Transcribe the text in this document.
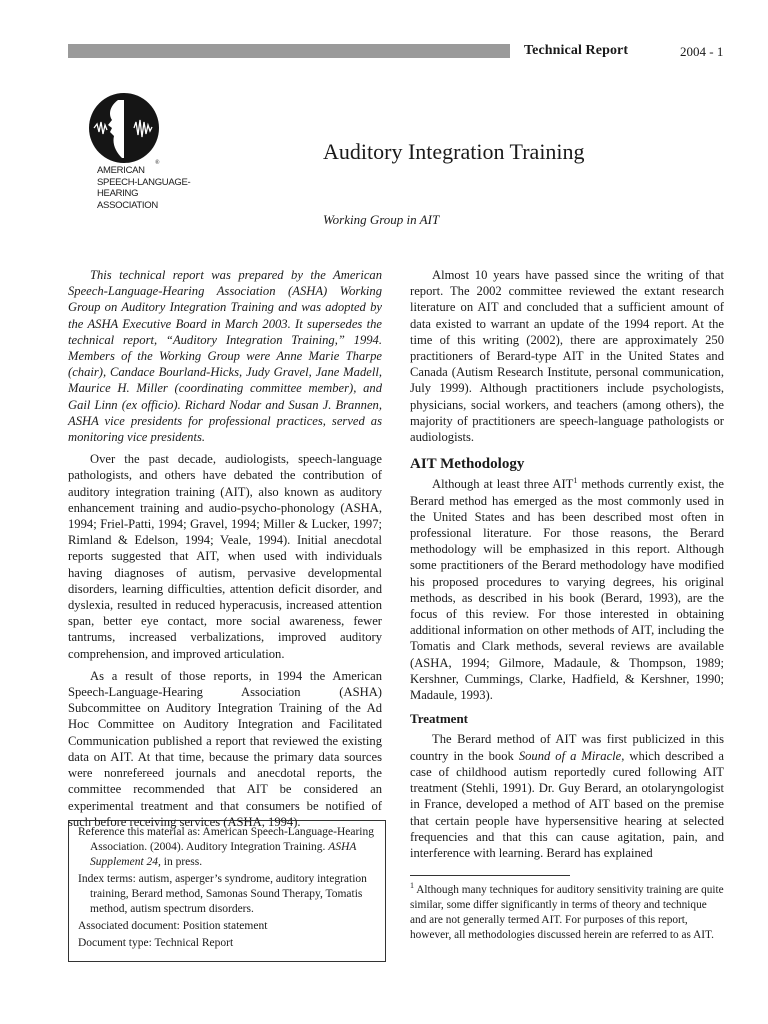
Technical Report	2004 - 1
®
AMERICAN
SPEECH-LANGUAGE-
HEARING
ASSOCIATION
Auditory Integration Training
Working Group in AIT

This technical report was prepared by the American Speech-Language-Hearing Association (ASHA) Working Group on Auditory Integration Training and was adopted by the ASHA Executive Board in March 2003. It supersedes the technical report, “Auditory Integration Training,” 1994. Members of the Working Group were Anne Marie Tharpe (chair), Candace Bourland-Hicks, Judy Gravel, Jane Madell, Maurice H. Miller (coordinating committee member), and Gail Linn (ex officio). Richard Nodar and Susan J. Brannen, ASHA vice presidents for professional practices, served as monitoring vice presidents.

Over the past decade, audiologists, speech-language pathologists, and others have debated the contribution of auditory integration training (AIT), also known as auditory enhancement training and audio-psycho-phonology (ASHA, 1994; Friel-Patti, 1994; Gravel, 1994; Miller & Lucker, 1997; Rimland & Edelson, 1994; Veale, 1994). Initial anecdotal reports suggested that AIT, when used with individuals having diagnoses of autism, pervasive developmental disorders, learning difficulties, attention deficit disorder, and dyslexia, resulted in reduced hyperacusis, increased attention span, better eye contact, more social awareness, fewer tantrums, increased verbalizations, improved auditory comprehension, and improved articulation.

As a result of those reports, in 1994 the American Speech-Language-Hearing Association (ASHA) Subcommittee on Auditory Integration Training of the Ad Hoc Committee on Auditory Integration and Facilitated Communication published a report that reviewed the existing data on AIT. At that time, because the primary data sources were nonrefereed journals and anecdotal reports, the committee recommended that AIT be considered an experimental treatment and that consumers be notified of such before receiving services (ASHA, 1994).

Reference this material as: American Speech-Language-Hearing Association. (2004). Auditory Integration Training. ASHA Supplement 24, in press.

Index terms: autism, asperger’s syndrome, auditory integration training, Berard method, Samonas Sound Therapy, Tomatis method, autism spectrum disorders.

Associated document: Position statement

Document type: Technical Report

Almost 10 years have passed since the writing of that report. The 2002 committee reviewed the extant research literature on AIT and concluded that a sufficient amount of data existed to warrant an update of the 1994 report. At the time of this writing (2002), there are approximately 250 practitioners of Berard-type AIT in the United States and Canada (Autism Research Institute, personal communication, July 1999). Although practitioners include psychologists, physicians, social workers, and teachers (among others), the majority of practitioners are speech-language pathologists or audiologists.

AIT Methodology

Although at least three AIT$^1$ methods currently exist, the Berard method has emerged as the most commonly used in the United States and has been described most often in professional literature. For those reasons, the Berard methodology will be emphasized in this report. Although some practitioners of the Berard methodology have modified his proposed procedures to varying degrees, his original methods, as described in his book (Berard, 1993), are the focus of this review. For those interested in obtaining additional information on other methods of AIT, including the Tomatis and Clark methods, several reviews are available (ASHA, 1994; Gilmore, Madaule, & Thompson, 1989; Kershner, Cummings, Clarke, Hadfield, & Kershner, 1990; Madaule, 1993).

Treatment

The Berard method of AIT was first publicized in this country in the book Sound of a Miracle, which described a case of childhood autism reportedly cured following AIT treatment (Stehli, 1991). Dr. Guy Berard, an otolaryngologist in France, developed a method of AIT based on the premise that certain people have hypersensitive hearing at selected frequencies and that this can cause agitation, pain, and interference with learning. Berard has explained

$^1$ Although many techniques for auditory sensitivity training are quite similar, some differ significantly in terms of theory and technique and are not generally termed AIT. For purposes of this report, however, all methodologies discussed herein are referred to as AIT.
